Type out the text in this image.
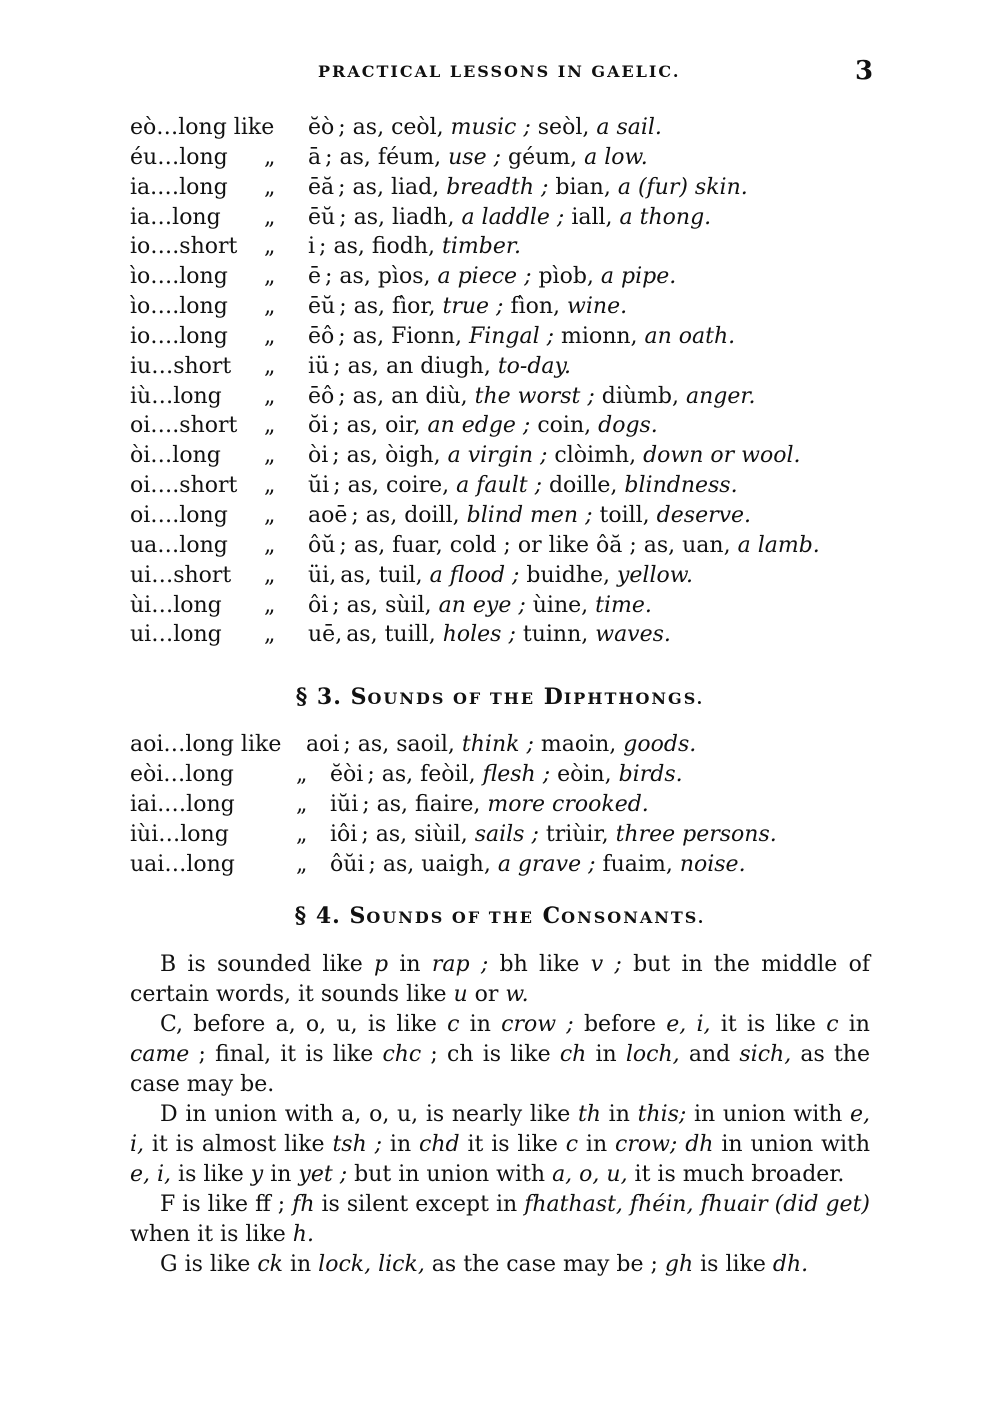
PRACTICAL LESSONS IN GAELIC.	3
eò…long like	ĕò ; as, ceòl, music ; seòl, a sail.
éu…long	„	ā ; as, féum, use ; géum, a low.
ia.…long	„	ēă ; as, liad, breadth ; bian, a (fur) skin.
ia…long	„	ēŭ ; as, liadh, a laddle ; iall, a thong.
io….short	„	i ; as, fiodh, timber.
ìo….long	„	ē ; as, pìos, a piece ; pìob, a pipe.
ìo….long	„	ēŭ ; as, fìor, true ; fìon, wine.
io….long	„	ēô ; as, Fionn, Fingal ; mionn, an oath.
iu…short	„	iü ; as, an diugh, to-day.
iù…long	„	ēô ; as, an diù, the worst ; diùmb, anger.
oi….short	„	ŏi ; as, oir, an edge ; coin, dogs.
òi…long	„	òi ; as, òigh, a virgin ; clòimh, down or wool.
oi….short	„	ŭi ; as, coire, a fault ; doille, blindness.
oi….long	„	aoē ; as, doill, blind men ; toill, deserve.
ua…long	„	ôŭ ; as, fuar, cold ; or like ôă ; as, uan, a lamb.
ui…short	„	üi, as, tuil, a flood ; buidhe, yellow.
ùi…long	„	ôi ; as, sùil, an eye ; ùine, time.
ui…long	„	uē, as, tuill, holes ; tuinn, waves.
§ 3. SOUNDS OF THE DIPHTHONGS.
aoi…long like	aoi ; as, saoil, think ; maoin, goods.
eòi…long	„	ĕòi ; as, feòil, flesh ; eòin, birds.
iai.…long	„	iŭi ; as, fiaire, more crooked.
iùi…long	„	iôi ; as, siùil, sails ; triùir, three persons.
uai…long	„	ôŭi ; as, uaigh, a grave ; fuaim, noise.
§ 4. SOUNDS OF THE CONSONANTS.

B is sounded like p in rap ; bh like v ; but in the middle of certain words, it sounds like u or w.

C, before a, o, u, is like c in crow ; before e, i, it is like c in came ; final, it is like chc ; ch is like ch in loch, and sich, as the case may be.

D in union with a, o, u, is nearly like th in this; in union with e, i, it is almost like tsh ; in chd it is like c in crow; dh in union with e, i, is like y in yet ; but in union with a, o, u, it is much broader.

F is like ff ; fh is silent except in fhathast, fhéin, fhuair (did get) when it is like h.

G is like ck in lock, lick, as the case may be ; gh is like dh.
